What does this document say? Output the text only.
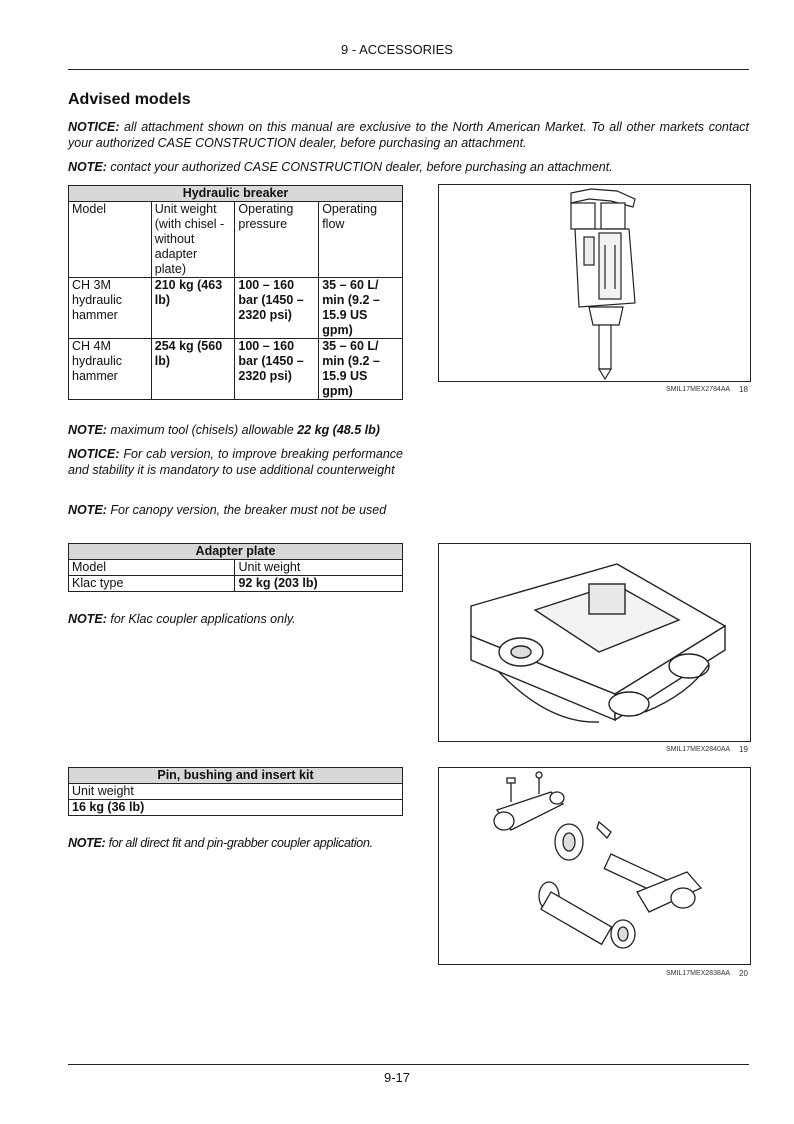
9 - ACCESSORIES
Advised models
NOTICE: all attachment shown on this manual are exclusive to the North American Market. To all other markets contact your authorized CASE CONSTRUCTION dealer, before purchasing an attachment.
NOTE: contact your authorized CASE CONSTRUCTION dealer, before purchasing an attachment.
Hydraulic breaker			
Model	Unit weight (with chisel - without adapter plate)	Operating pressure	Operating flow
CH 3M hydraulic hammer	210 kg (463 lb)	100 – 160 bar (1450 – 2320 psi)	35 – 60 L/ min (9.2 – 15.9 US gpm)
CH 4M hydraulic hammer	254 kg (560 lb)	100 – 160 bar (1450 – 2320 psi)	35 – 60 L/ min (9.2 – 15.9 US gpm)
NOTE: maximum tool (chisels) allowable 22 kg (48.5 lb)
NOTICE: For cab version, to improve breaking performance and stability it is mandatory to use additional counterweight
NOTE: For canopy version, the breaker must not be used
Adapter plate	
Model	Unit weight
Klac type	92 kg (203 lb)
NOTE: for Klac coupler applications only.
Pin, bushing and insert kit
Unit weight
16 kg (36 lb)
NOTE: for all direct fit and pin-grabber coupler application.
SMIL17MEX2784AA 18
SMIL17MEX2840AA 19
SMIL17MEX2838AA 20
9-17
